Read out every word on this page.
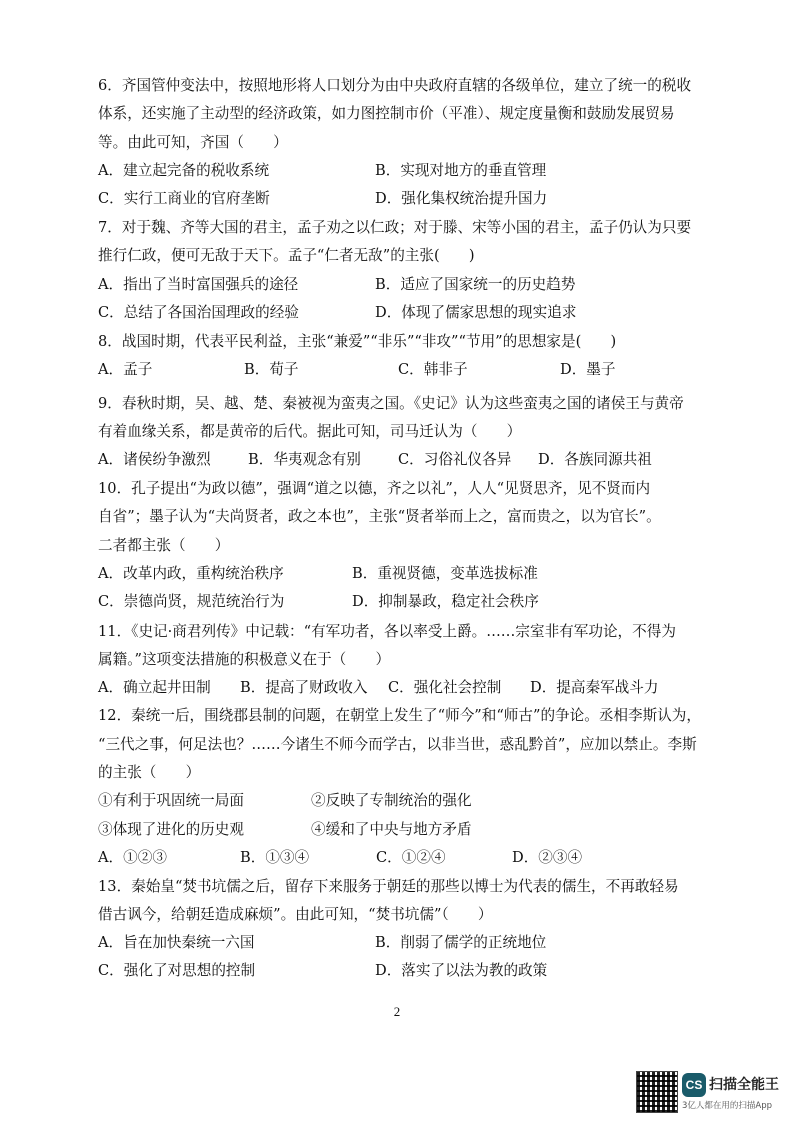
6．齐国管仲变法中，按照地形将人口划分为由中央政府直辖的各级单位，建立了统一的税收
体系，还实施了主动型的经济政策，如力图控制市价（平准）、规定度量衡和鼓励发展贸易
等。由此可知，齐国（　　）
A．建立起完备的税收系统	B．实现对地方的垂直管理
C．实行工商业的官府垄断	D．强化集权统治提升国力
7．对于魏、齐等大国的君主，孟子劝之以仁政；对于滕、宋等小国的君主，孟子仍认为只要
推行仁政，便可无敌于天下。孟子“仁者无敌”的主张(　　)
A．指出了当时富国强兵的途径	B．适应了国家统一的历史趋势
C．总结了各国治国理政的经验	D．体现了儒家思想的现实追求
8．战国时期，代表平民利益，主张“兼爱”“非乐”“非攻”“节用”的思想家是(　　)
A．孟子	B．荀子	C．韩非子	D．墨子
9．春秋时期，吴、越、楚、秦被视为蛮夷之国。《史记》认为这些蛮夷之国的诸侯王与黄帝
有着血缘关系，都是黄帝的后代。据此可知，司马迁认为（　　）
A．诸侯纷争激烈	B．华夷观念有别	C．习俗礼仪各异 D．各族同源共祖
10．孔子提出“为政以德”，强调“道之以德，齐之以礼”，人人“见贤思齐，见不贤而内
自省”；墨子认为“夫尚贤者，政之本也”，主张“贤者举而上之，富而贵之，以为官长”。
二者都主张（　　）
A．改革内政，重构统治秩序	B．重视贤德，变革选拔标准
C．崇德尚贤，规范统治行为	D．抑制暴政，稳定社会秩序
11．《史记·商君列传》中记载：“有军功者，各以率受上爵。……宗室非有军功论，不得为
属籍。”这项变法措施的积极意义在于（　　）
A．确立起井田制 B．提高了财政收入 C．强化社会控制 D．提高秦军战斗力
12．秦统一后，围绕郡县制的问题，在朝堂上发生了“师今”和“师古”的争论。丞相李斯认为，
“三代之事，何足法也？……今诸生不师今而学古，以非当世，惑乱黔首”，应加以禁止。李斯
的主张（　　）
①有利于巩固统一局面	②反映了专制统治的强化
③体现了进化的历史观	④缓和了中央与地方矛盾
A．①②③	B．①③④	C．①②④	D．②③④
13．秦始皇“焚书坑儒之后，留存下来服务于朝廷的那些以博士为代表的儒生，不再敢轻易
借古讽今，给朝廷造成麻烦”。由此可知，“焚书坑儒”（　　）
A．旨在加快秦统一六国	B．削弱了儒学的正统地位
C．强化了对思想的控制	D．落实了以法为教的政策
2
CS 扫描全能王
3亿人都在用的扫描App
